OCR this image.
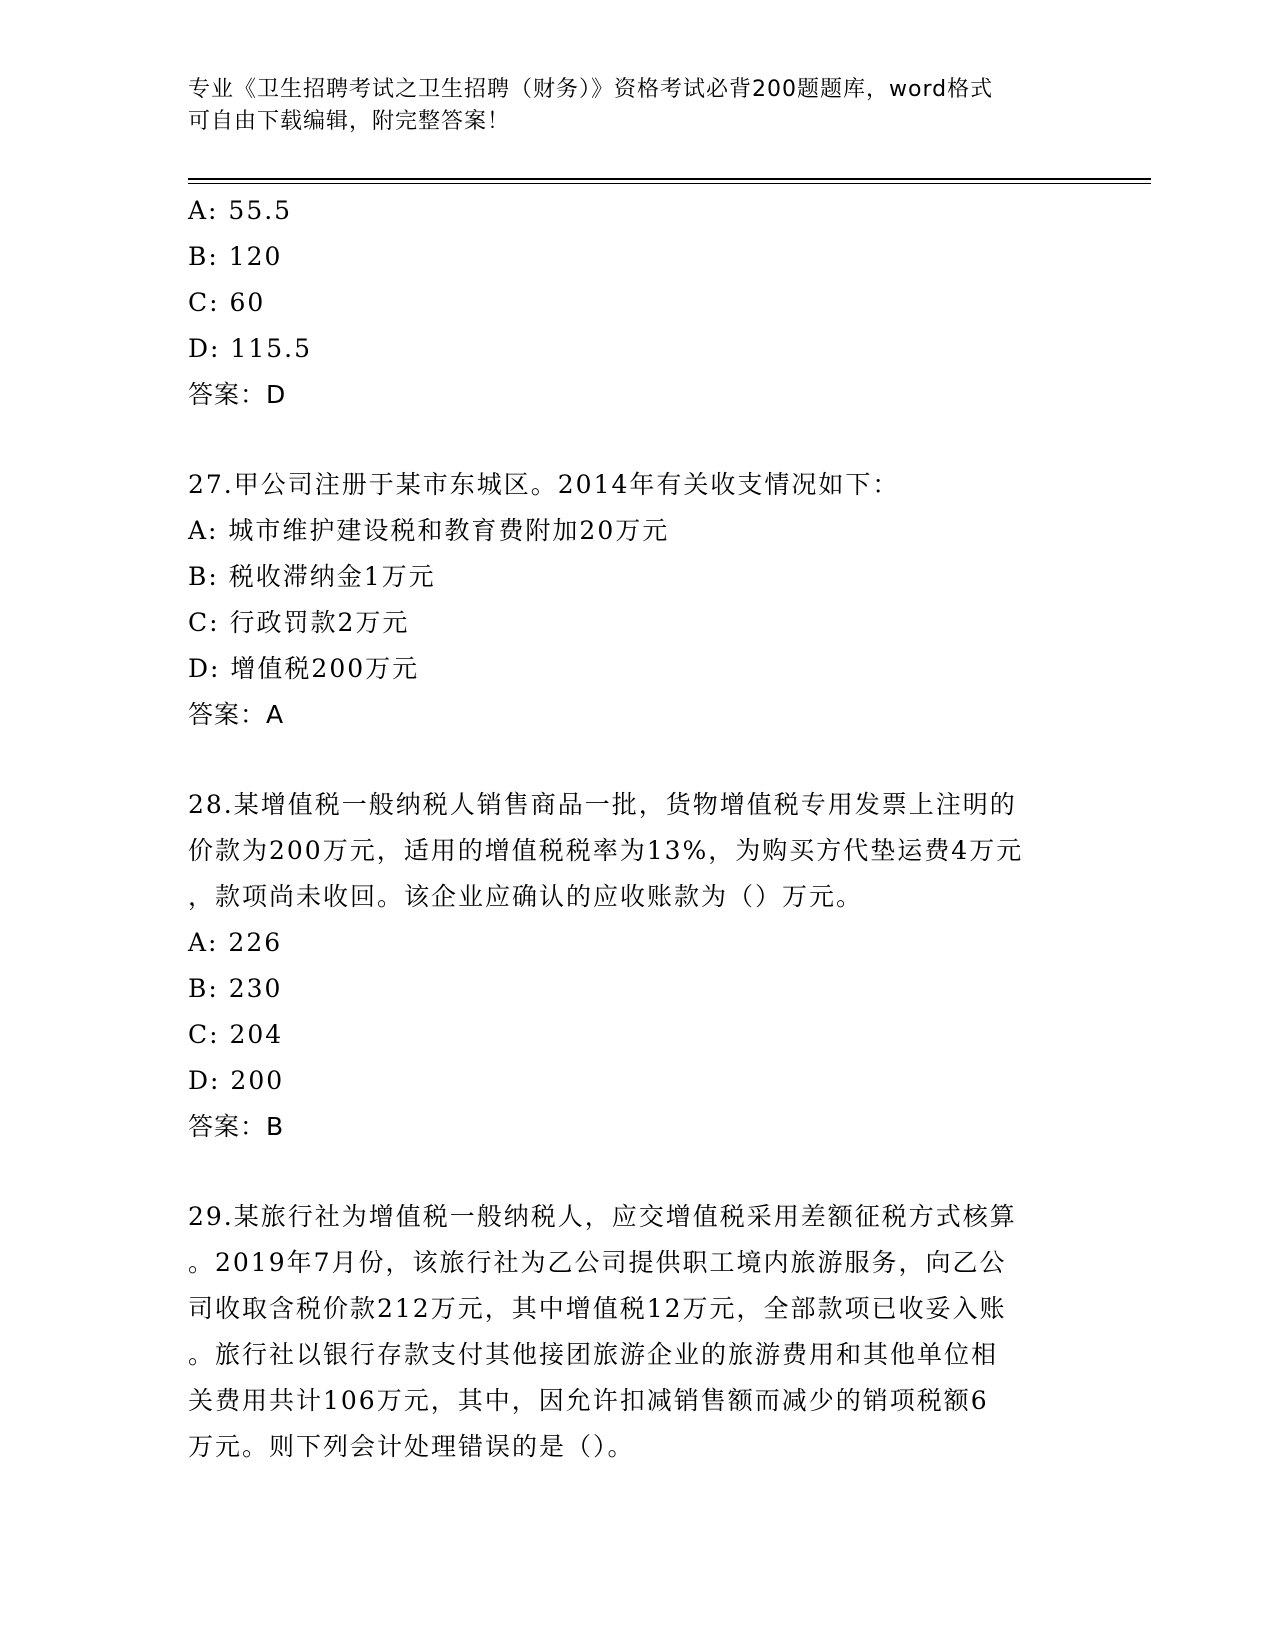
专业《卫生招聘考试之卫生招聘（财务）》资格考试必背200题题库，word格式
可自由下载编辑，附完整答案！
A: 55.5
B: 120
C: 60
D: 115.5
答案：D
27.甲公司注册于某市东城区。2014年有关收支情况如下：
A: 城市维护建设税和教育费附加20万元
B: 税收滞纳金1万元
C: 行政罚款2万元
D: 增值税200万元
答案：A
28.某增值税一般纳税人销售商品一批，货物增值税专用发票上注明的
价款为200万元，适用的增值税税率为13%，为购买方代垫运费4万元
，款项尚未收回。该企业应确认的应收账款为（）万元。
A: 226
B: 230
C: 204
D: 200
答案：B
29.某旅行社为增值税一般纳税人，应交增值税采用差额征税方式核算
。2019年7月份，该旅行社为乙公司提供职工境内旅游服务，向乙公
司收取含税价款212万元，其中增值税12万元，全部款项已收妥入账
。旅行社以银行存款支付其他接团旅游企业的旅游费用和其他单位相
关费用共计106万元，其中，因允许扣减销售额而减少的销项税额6
万元。则下列会计处理错误的是（）。
